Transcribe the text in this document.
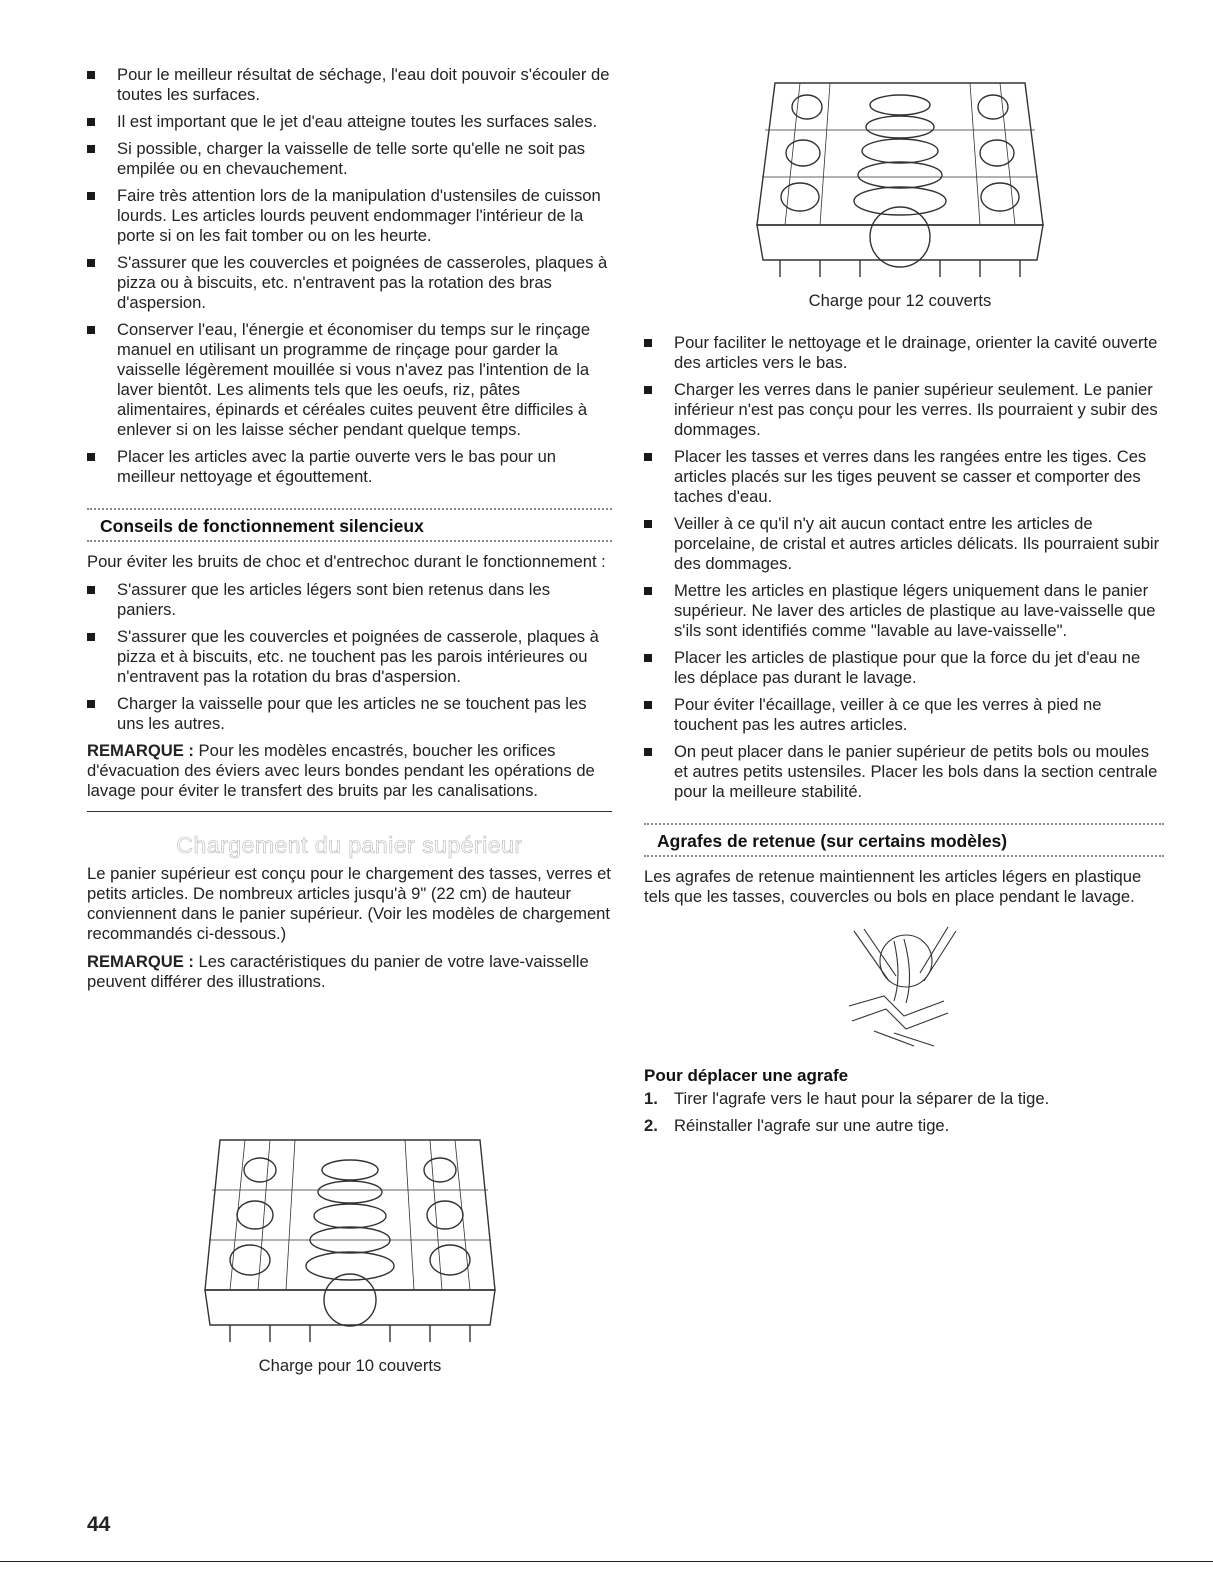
Pour le meilleur résultat de séchage, l'eau doit pouvoir s'écouler de toutes les surfaces.
Il est important que le jet d'eau atteigne toutes les surfaces sales.
Si possible, charger la vaisselle de telle sorte qu'elle ne soit pas empilée ou en chevauchement.
Faire très attention lors de la manipulation d'ustensiles de cuisson lourds. Les articles lourds peuvent endommager l'intérieur de la porte si on les fait tomber ou on les heurte.
S'assurer que les couvercles et poignées de casseroles, plaques à pizza ou à biscuits, etc. n'entravent pas la rotation des bras d'aspersion.
Conserver l'eau, l'énergie et économiser du temps sur le rinçage manuel en utilisant un programme de rinçage pour garder la vaisselle légèrement mouillée si vous n'avez pas l'intention de la laver bientôt. Les aliments tels que les oeufs, riz, pâtes alimentaires, épinards et céréales cuites peuvent être difficiles à enlever si on les laisse sécher pendant quelque temps.
Placer les articles avec la partie ouverte vers le bas pour un meilleur nettoyage et égouttement.
Conseils de fonctionnement silencieux

Pour éviter les bruits de choc et d'entrechoc durant le fonctionnement :

S'assurer que les articles légers sont bien retenus dans les paniers.
S'assurer que les couvercles et poignées de casserole, plaques à pizza et à biscuits, etc. ne touchent pas les parois intérieures ou n'entravent pas la rotation du bras d'aspersion.
Charger la vaisselle pour que les articles ne se touchent pas les uns les autres.

REMARQUE : Pour les modèles encastrés, boucher les orifices d'évacuation des éviers avec leurs bondes pendant les opérations de lavage pour éviter le transfert des bruits par les canalisations.

Chargement du panier supérieur

Le panier supérieur est conçu pour le chargement des tasses, verres et petits articles. De nombreux articles jusqu'à 9" (22 cm) de hauteur conviennent dans le panier supérieur. (Voir les modèles de chargement recommandés ci-dessous.)

REMARQUE : Les caractéristiques du panier de votre lave-vaisselle peuvent différer des illustrations.

Charge pour 10 couverts
Charge pour 12 couverts
Pour faciliter le nettoyage et le drainage, orienter la cavité ouverte des articles vers le bas.
Charger les verres dans le panier supérieur seulement. Le panier inférieur n'est pas conçu pour les verres. Ils pourraient y subir des dommages.
Placer les tasses et verres dans les rangées entre les tiges. Ces articles placés sur les tiges peuvent se casser et comporter des taches d'eau.
Veiller à ce qu'il n'y ait aucun contact entre les articles de porcelaine, de cristal et autres articles délicats. Ils pourraient subir des dommages.
Mettre les articles en plastique légers uniquement dans le panier supérieur. Ne laver des articles de plastique au lave-vaisselle que s'ils sont identifiés comme "lavable au lave-vaisselle".
Placer les articles de plastique pour que la force du jet d'eau ne les déplace pas durant le lavage.
Pour éviter l'écaillage, veiller à ce que les verres à pied ne touchent pas les autres articles.
On peut placer dans le panier supérieur de petits bols ou moules et autres petits ustensiles. Placer les bols dans la section centrale pour la meilleure stabilité.
Agrafes de retenue (sur certains modèles)

Les agrafes de retenue maintiennent les articles légers en plastique tels que les tasses, couvercles ou bols en place pendant le lavage.

Pour déplacer une agrafe
1. Tirer l'agrafe vers le haut pour la séparer de la tige.
2. Réinstaller l'agrafe sur une autre tige.
44
